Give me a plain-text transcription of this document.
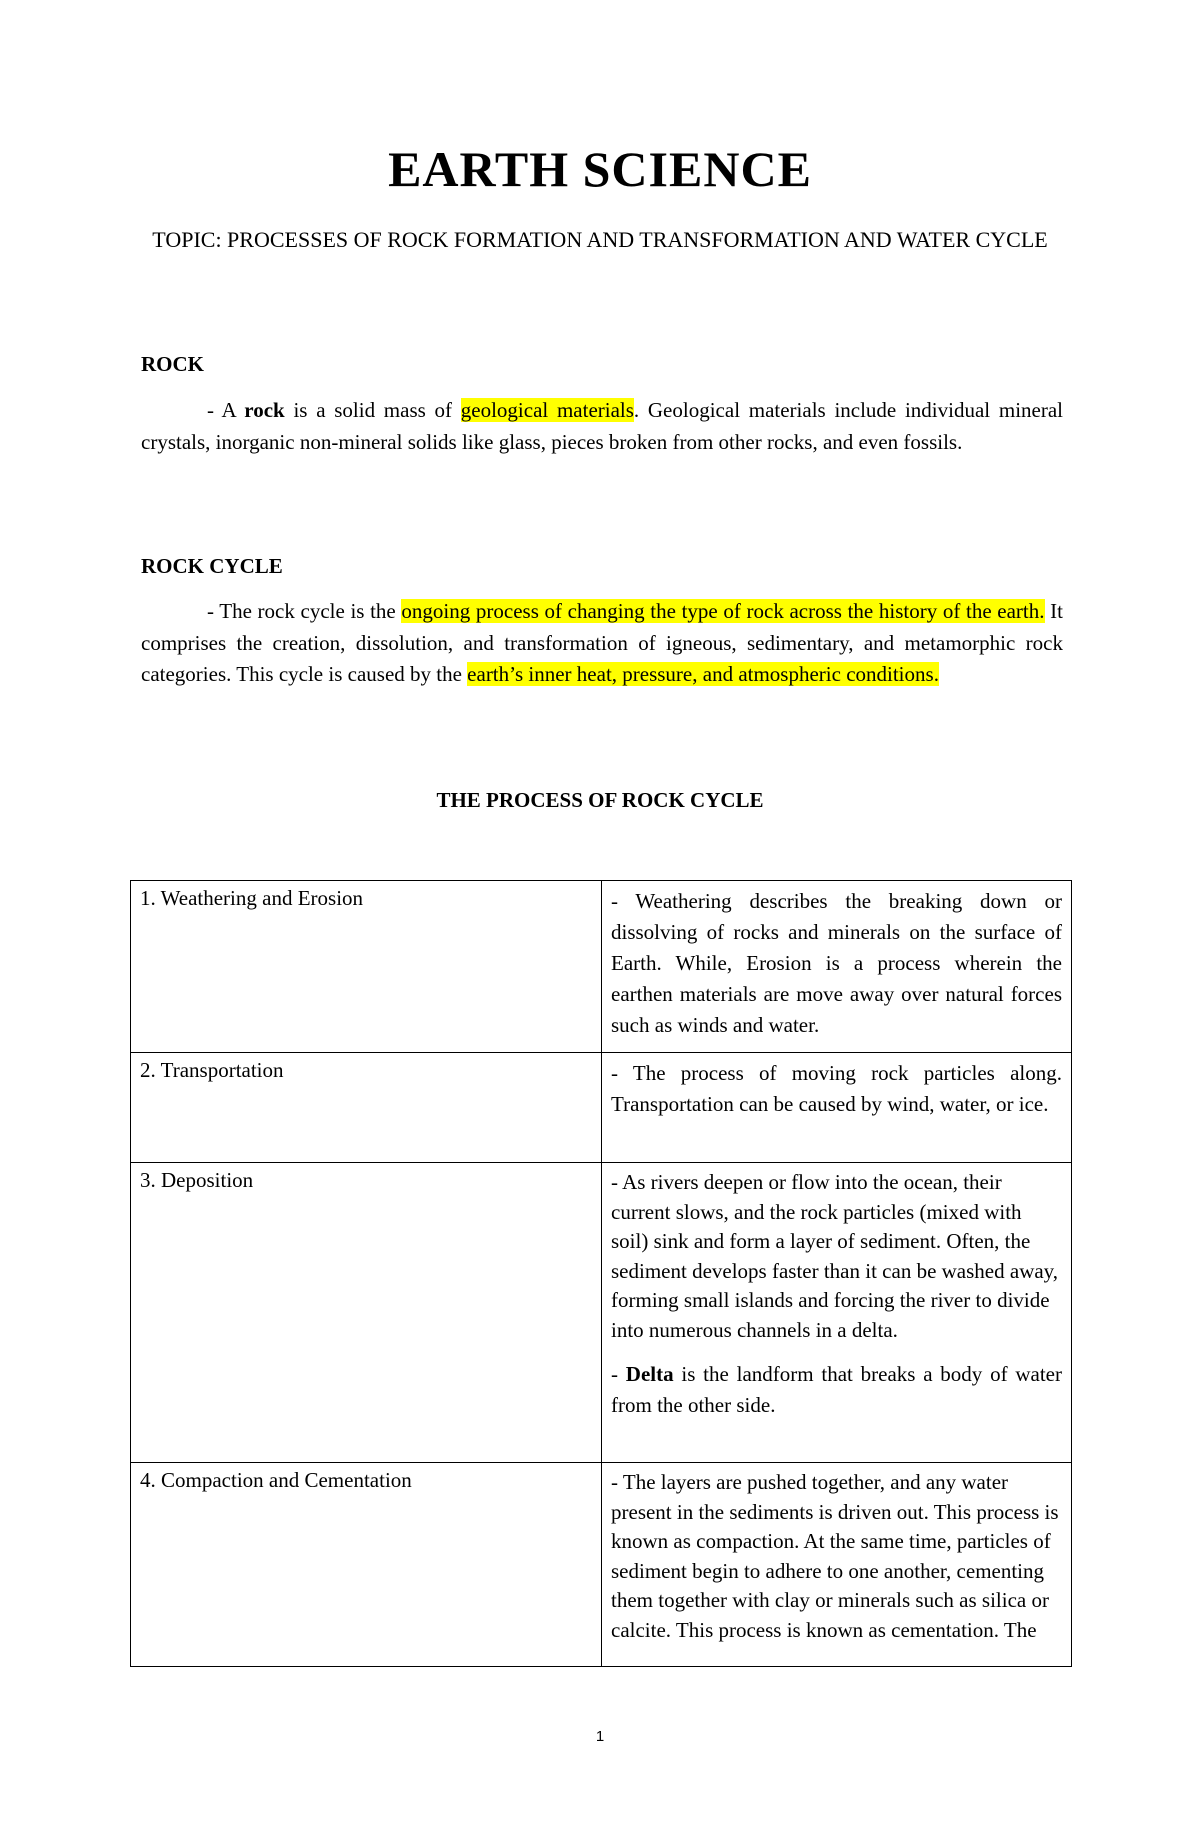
EARTH SCIENCE

TOPIC: PROCESSES OF ROCK FORMATION AND TRANSFORMATION AND WATER CYCLE

ROCK

- A rock is a solid mass of geological materials. Geological materials include individual mineral crystals, inorganic non-mineral solids like glass, pieces broken from other rocks, and even fossils.

ROCK CYCLE

- The rock cycle is the ongoing process of changing the type of rock across the history of the earth. It comprises the creation, dissolution, and transformation of igneous, sedimentary, and metamorphic rock categories. This cycle is caused by the earth’s inner heat, pressure, and atmospheric conditions.

THE PROCESS OF ROCK CYCLE
1. Weathering and Erosion	- Weathering describes the breaking down or dissolving of rocks and minerals on the surface of Earth. While, Erosion is a process wherein the earthen materials are move away over natural forces such as winds and water.

2. Transportation	- The process of moving rock particles along. Transportation can be caused by wind, water, or ice.

3. Deposition	- As rivers deepen or flow into the ocean, their current slows, and the rock particles (mixed with soil) sink and form a layer of sediment. Often, the sediment develops faster than it can be washed away, forming small islands and forcing the river to divide into numerous channels in a delta.

- Delta is the landform that breaks a body of water from the other side.

4. Compaction and Cementation	- The layers are pushed together, and any water present in the sediments is driven out. This process is known as compaction. At the same time, particles of sediment begin to adhere to one another, cementing them together with clay or minerals such as silica or calcite. This process is known as cementation. The

1
